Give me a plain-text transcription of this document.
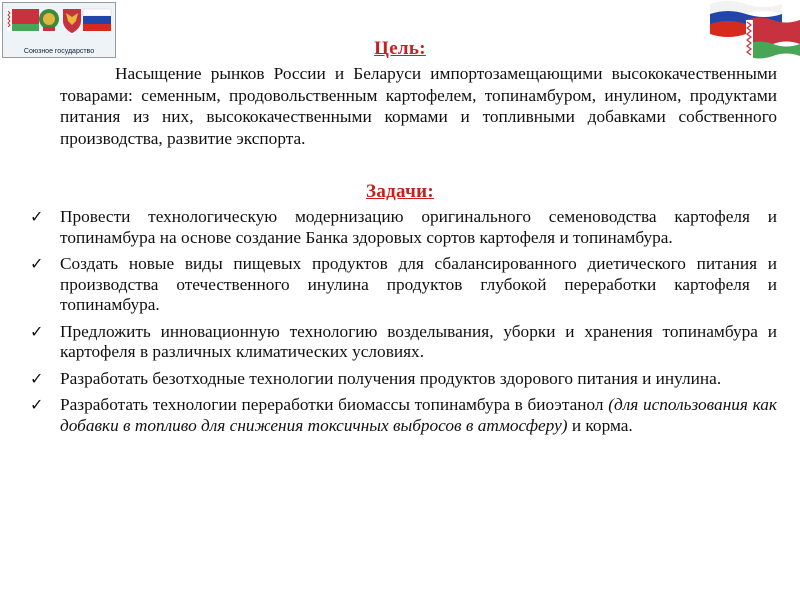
Союзное государство	Цель:
Насыщение рынков России и Беларуси импортозамещающими высококачественными товарами: семенным, продовольственным картофелем, топинамбуром, инулином, продуктами питания из них, высококачественными кормами и топливными добавками собственного производства, развитие экспорта.
Задачи:
✓ Провести технологическую модернизацию оригинального семеноводства картофеля и топинамбура на основе создание Банка здоровых сортов картофеля и топинамбура.
✓ Создать новые виды пищевых продуктов для сбалансированного диетического питания и производства отечественного инулина продуктов глубокой переработки картофеля и топинамбура.
✓ Предложить инновационную технологию возделывания, уборки и хранения топинамбура и картофеля в различных климатических условиях.
✓ Разработать безотходные технологии получения продуктов здорового питания и инулина.
✓ Разработать технологии переработки биомассы топинамбура в биоэтанол (для использования как добавки в топливо для снижения токсичных выбросов в атмосферу) и корма.
